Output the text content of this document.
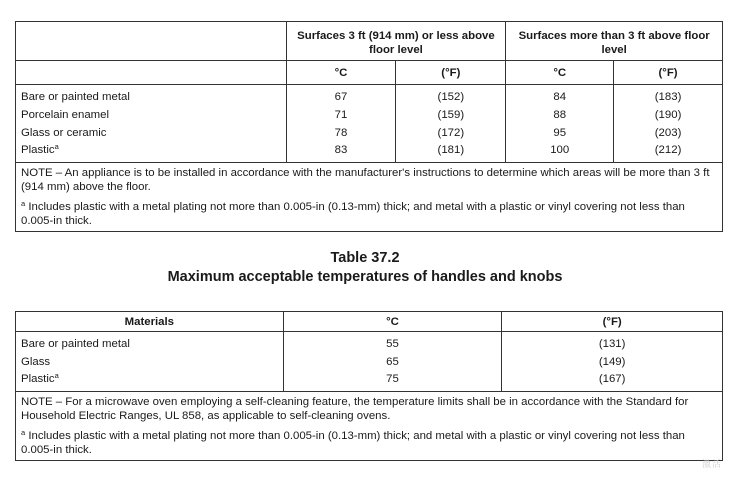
	Surfaces 3 ft (914 mm) or less above floor level		Surfaces more than 3 ft above floor level	
	°C	(°F)	°C	(°F)
Bare or painted metal	67	(152)	84	(183)
Porcelain enamel	71	(159)	88	(190)
Glass or ceramic	78	(172)	95	(203)
Plastic$^a$	83	(181)	100	(212)
NOTE – An appliance is to be installed in accordance with the manufacturer's instructions to determine which areas will be more than 3 ft (914 mm) above the floor.				
$^a$ Includes plastic with a metal plating not more than 0.005-in (0.13-mm) thick; and metal with a plastic or vinyl covering not less than 0.005-in thick.				
Table 37.2
Maximum acceptable temperatures of handles and knobs
Materials	°C	(°F)
Bare or painted metal	55	(131)
Glass	65	(149)
Plastic$^a$	75	(167)
NOTE – For a microwave oven employing a self-cleaning feature, the temperature limits shall be in accordance with the Standard for Household Electric Ranges, UL 858, as applicable to self-cleaning ovens.		
$^a$ Includes plastic with a metal plating not more than 0.005-in (0.13-mm) thick; and metal with a plastic or vinyl covering not less than 0.005-in thick.		
激活
